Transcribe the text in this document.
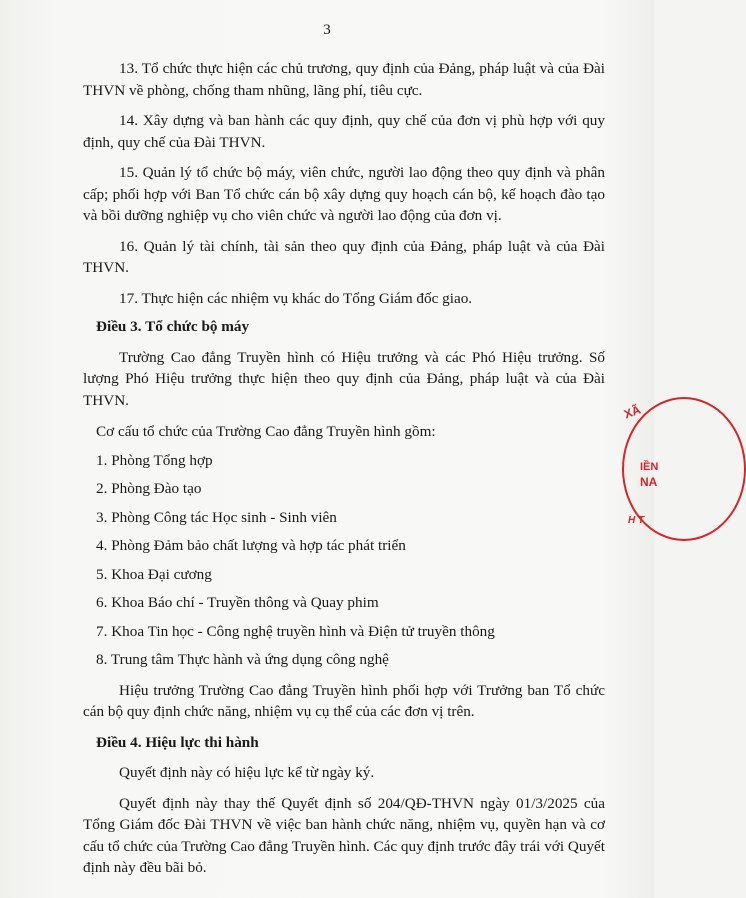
3

13. Tổ chức thực hiện các chủ trương, quy định của Đảng, pháp luật và của Đài THVN về phòng, chống tham nhũng, lãng phí, tiêu cực.

14. Xây dựng và ban hành các quy định, quy chế của đơn vị phù hợp với quy định, quy chế của Đài THVN.

15. Quản lý tổ chức bộ máy, viên chức, người lao động theo quy định và phân cấp; phối hợp với Ban Tổ chức cán bộ xây dựng quy hoạch cán bộ, kế hoạch đào tạo và bồi dưỡng nghiệp vụ cho viên chức và người lao động của đơn vị.

16. Quản lý tài chính, tài sản theo quy định của Đảng, pháp luật và của Đài THVN.

17. Thực hiện các nhiệm vụ khác do Tổng Giám đốc giao.

Điều 3. Tổ chức bộ máy

Trường Cao đẳng Truyền hình có Hiệu trưởng và các Phó Hiệu trưởng. Số lượng Phó Hiệu trưởng thực hiện theo quy định của Đảng, pháp luật và của Đài THVN.

Cơ cấu tổ chức của Trường Cao đẳng Truyền hình gồm:

1. Phòng Tổng hợp

2. Phòng Đào tạo

3. Phòng Công tác Học sinh - Sinh viên

4. Phòng Đảm bảo chất lượng và hợp tác phát triển

5. Khoa Đại cương

6. Khoa Báo chí - Truyền thông và Quay phim

7. Khoa Tin học - Công nghệ truyền hình và Điện tử truyền thông

8. Trung tâm Thực hành và ứng dụng công nghệ

Hiệu trưởng Trường Cao đẳng Truyền hình phối hợp với Trưởng ban Tổ chức cán bộ quy định chức năng, nhiệm vụ cụ thể của các đơn vị trên.

Điều 4. Hiệu lực thi hành

Quyết định này có hiệu lực kể từ ngày ký.

Quyết định này thay thế Quyết định số 204/QĐ-THVN ngày 01/3/2025 của Tổng Giám đốc Đài THVN về việc ban hành chức năng, nhiệm vụ, quyền hạn và cơ cấu tổ chức của Trường Cao đẳng Truyền hình. Các quy định trước đây trái với Quyết định này đều bãi bỏ.

XÃ
IỀN
NA
H T
